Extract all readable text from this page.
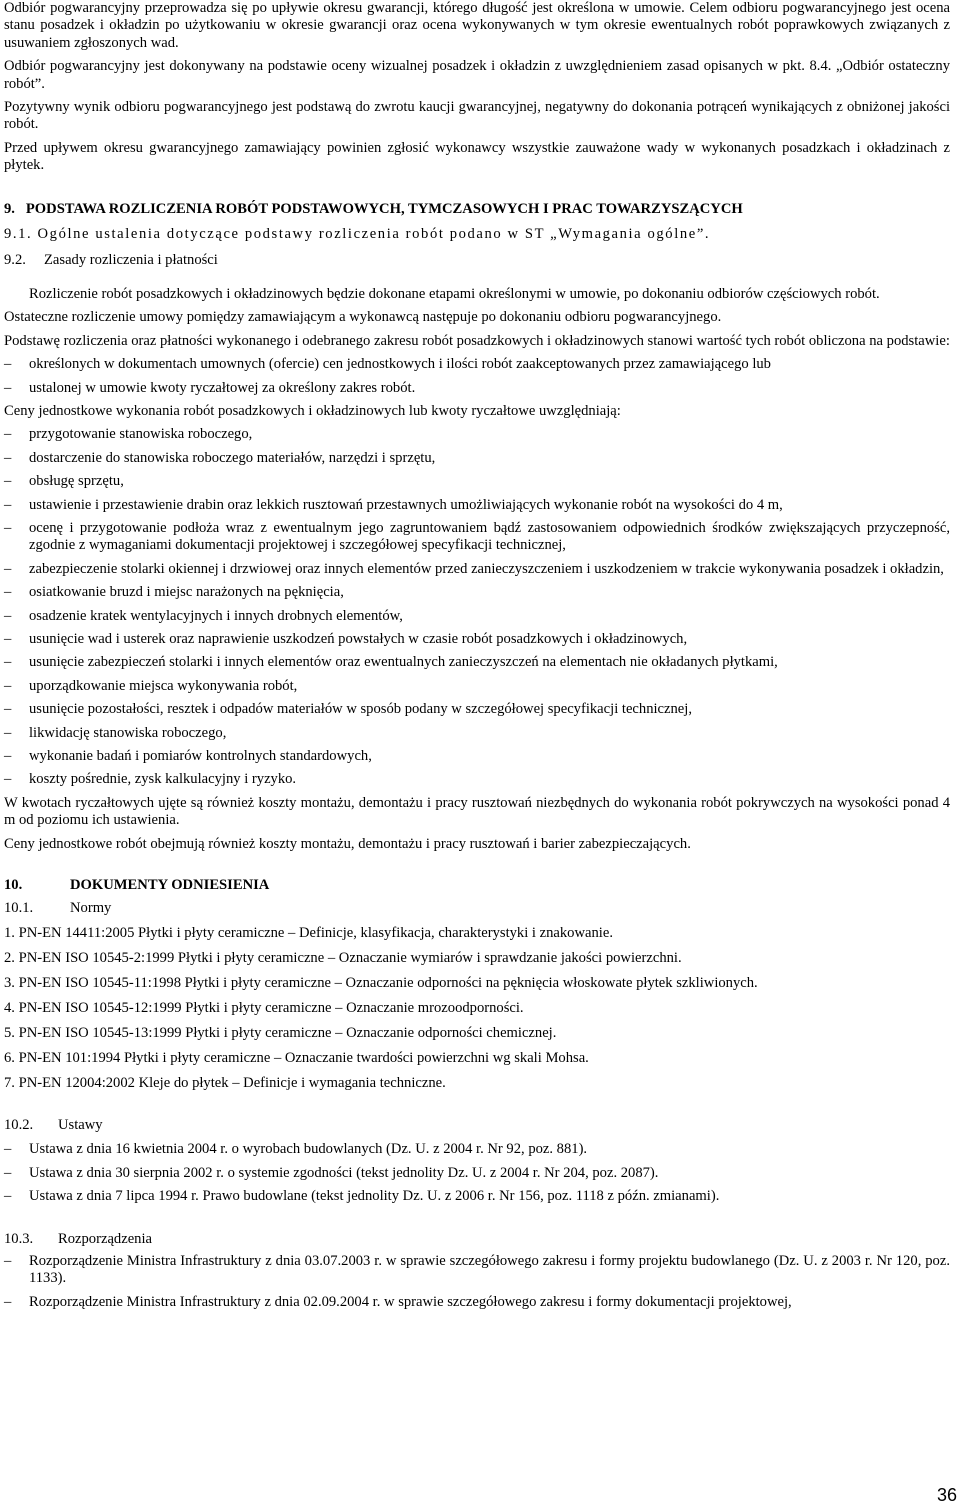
Odbiór pogwarancyjny przeprowadza się po upływie okresu gwarancji, którego długość jest określona w umowie. Celem odbioru pogwarancyjnego jest ocena stanu posadzek i okładzin po użytkowaniu w okresie gwarancji oraz ocena wykonywanych w tym okresie ewentualnych robót poprawkowych związanych z usuwaniem zgłoszonych wad.

Odbiór pogwarancyjny jest dokonywany na podstawie oceny wizualnej posadzek i okładzin z uwzględnieniem zasad opisanych w pkt. 8.4. „Odbiór ostateczny robót”.

Pozytywny wynik odbioru pogwarancyjnego jest podstawą do zwrotu kaucji gwarancyjnej, negatywny do dokonania potrąceń wynikających z obniżonej jakości robót.

Przed upływem okresu gwarancyjnego zamawiający powinien zgłosić wykonawcy wszystkie zauważone wady w wykonanych posadzkach i okładzinach z płytek.

9.   PODSTAWA ROZLICZENIA ROBÓT PODSTAWOWYCH, TYMCZASOWYCH I PRAC TOWARZYSZĄCYCH

9.1. Ogólne ustalenia dotyczące podstawy rozliczenia robót podano w ST „Wymagania ogólne”.

9.2. Zasady rozliczenia i płatności

Rozliczenie robót posadzkowych i okładzinowych będzie dokonane etapami określonymi w umowie, po dokonaniu odbiorów częściowych robót.

Ostateczne rozliczenie umowy pomiędzy zamawiającym a wykonawcą następuje po dokonaniu odbioru pogwarancyjnego.

Podstawę rozliczenia oraz płatności wykonanego i odebranego zakresu robót posadzkowych i okładzinowych stanowi wartość tych robót obliczona na podstawie:

– określonych w dokumentach umownych (ofercie) cen jednostkowych i ilości robót zaakceptowanych przez zamawiającego lub
– ustalonej w umowie kwoty ryczałtowej za określony zakres robót.

Ceny jednostkowe wykonania robót posadzkowych i okładzinowych lub kwoty ryczałtowe uwzględniają:

– przygotowanie stanowiska roboczego,
– dostarczenie do stanowiska roboczego materiałów, narzędzi i sprzętu,
– obsługę sprzętu,
– ustawienie i przestawienie drabin oraz lekkich rusztowań przestawnych umożliwiających wykonanie robót na wysokości do 4 m,
– ocenę i przygotowanie podłoża wraz z ewentualnym jego zagruntowaniem bądź zastosowaniem odpowiednich środków zwiększających przyczepność, zgodnie z wymaganiami dokumentacji projektowej i szczegółowej specyfikacji technicznej,
– zabezpieczenie stolarki okiennej i drzwiowej oraz innych elementów przed zanieczyszczeniem i uszkodzeniem w trakcie wykonywania posadzek i okładzin,
– osiatkowanie bruzd i miejsc narażonych na pęknięcia,
– osadzenie kratek wentylacyjnych i innych drobnych elementów,
– usunięcie wad i usterek oraz naprawienie uszkodzeń powstałych w czasie robót posadzkowych i okładzinowych,
– usunięcie zabezpieczeń stolarki i innych elementów oraz ewentualnych zanieczyszczeń na elementach nie okładanych płytkami,
– uporządkowanie miejsca wykonywania robót,
– usunięcie pozostałości, resztek i odpadów materiałów w sposób podany w szczegółowej specyfikacji technicznej,
– likwidację stanowiska roboczego,
– wykonanie badań i pomiarów kontrolnych standardowych,
– koszty pośrednie, zysk kalkulacyjny i ryzyko.

W kwotach ryczałtowych ujęte są również koszty montażu, demontażu i pracy rusztowań niezbędnych do wykonania robót pokrywczych na wysokości ponad 4 m od poziomu ich ustawienia.

Ceny jednostkowe robót obejmują również koszty montażu, demontażu i pracy rusztowań i barier zabezpieczających.

10.	DOKUMENTY ODNIESIENIA
10.1.	Normy

1. PN-EN 14411:2005 Płytki i płyty ceramiczne – Definicje, klasyfikacja, charakterystyki i znakowanie.

2. PN-EN ISO 10545-2:1999 Płytki i płyty ceramiczne – Oznaczanie wymiarów i sprawdzanie jakości powierzchni.

3. PN-EN ISO 10545-11:1998 Płytki i płyty ceramiczne – Oznaczanie odporności na pęknięcia włoskowate płytek szkliwionych.

4. PN-EN ISO 10545-12:1999 Płytki i płyty ceramiczne – Oznaczanie mrozoodporności.

5. PN-EN ISO 10545-13:1999 Płytki i płyty ceramiczne – Oznaczanie odporności chemicznej.

6. PN-EN 101:1994 Płytki i płyty ceramiczne – Oznaczanie twardości powierzchni wg skali Mohsa.

7. PN-EN 12004:2002 Kleje do płytek – Definicje i wymagania techniczne.

10.2. Ustawy
– Ustawa z dnia 16 kwietnia 2004 r. o wyrobach budowlanych (Dz. U. z 2004 r. Nr 92, poz. 881).
– Ustawa z dnia 30 sierpnia 2002 r. o systemie zgodności (tekst jednolity Dz. U. z 2004 r. Nr 204, poz. 2087).
– Ustawa z dnia 7 lipca 1994 r. Prawo budowlane (tekst jednolity Dz. U. z 2006 r. Nr 156, poz. 1118 z późn. zmianami).
10.3. Rozporządzenia
– Rozporządzenie Ministra Infrastruktury z dnia 03.07.2003 r. w sprawie szczegółowego zakresu i formy projektu budowlanego (Dz. U. z 2003 r. Nr 120, poz. 1133).
– Rozporządzenie Ministra Infrastruktury z dnia 02.09.2004 r. w sprawie szczegółowego zakresu i formy dokumentacji projektowej,
36
